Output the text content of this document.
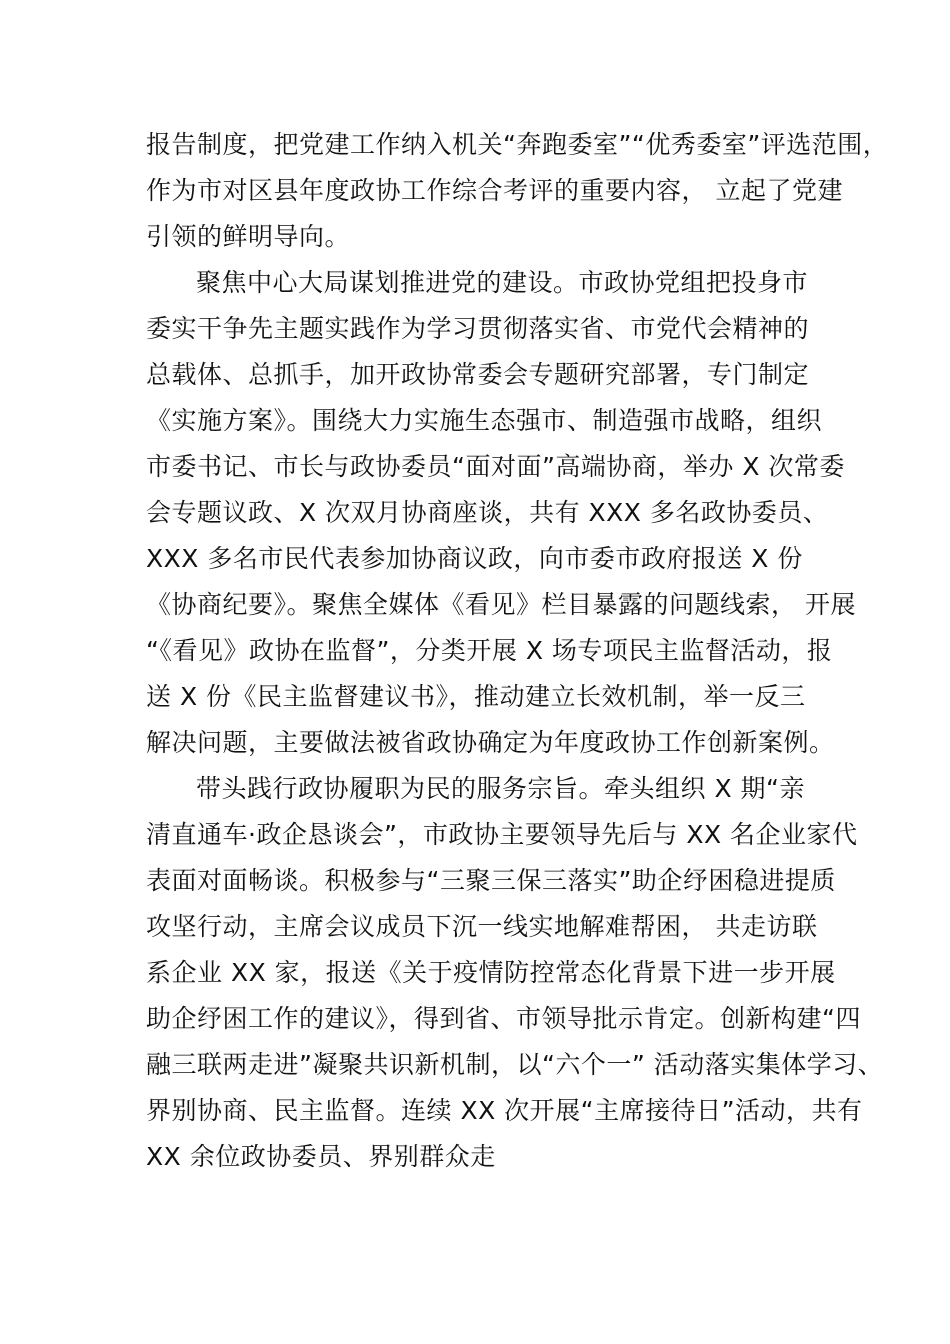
报告制度，把党建工作纳入机关“奔跑委室”“优秀委室”评选范围，
作为市对区县年度政协工作综合考评的重要内容， 立起了党建
引领的鲜明导向。
聚焦中心大局谋划推进党的建设。市政协党组把投身市
委实干争先主题实践作为学习贯彻落实省、市党代会精神的
总载体、总抓手，加开政协常委会专题研究部署，专门制定
《实施方案》。围绕大力实施生态强市、制造强市战略，组织
市委书记、市长与政协委员“面对面”高端协商，举办 X 次常委
会专题议政、X 次双月协商座谈，共有 XXX 多名政协委员、
XXX 多名市民代表参加协商议政，向市委市政府报送 X 份
《协商纪要》。聚焦全媒体《看见》栏目暴露的问题线索， 开展
“《看见》政协在监督”，分类开展 X 场专项民主监督活动，报
送 X 份《民主监督建议书》，推动建立长效机制，举一反三
解决问题，主要做法被省政协确定为年度政协工作创新案例。
带头践行政协履职为民的服务宗旨。牵头组织 X 期“亲
清直通车·政企恳谈会”，市政协主要领导先后与 XX 名企业家代
表面对面畅谈。积极参与“三聚三保三落实”助企纾困稳进提质
攻坚行动，主席会议成员下沉一线实地解难帮困， 共走访联
系企业 XX 家，报送《关于疫情防控常态化背景下进一步开展
助企纾困工作的建议》，得到省、市领导批示肯定。创新构建“四
融三联两走进”凝聚共识新机制，以“六个一” 活动落实集体学习、
界别协商、民主监督。连续 XX 次开展“主席接待日”活动，共有
XX 余位政协委员、界别群众走
